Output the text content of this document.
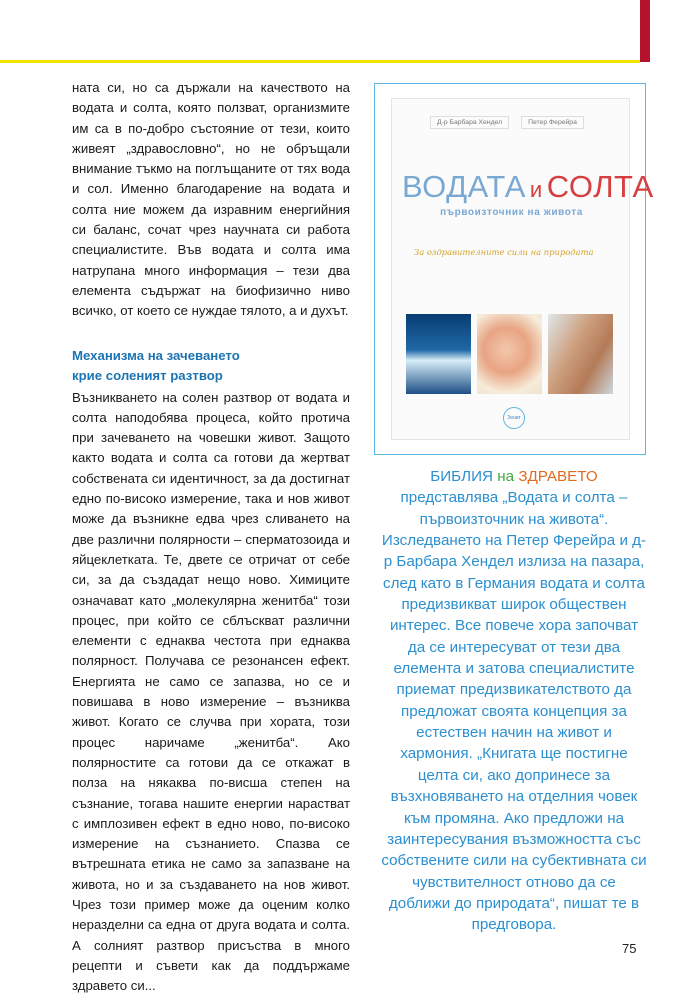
ната си, но са държали на качеството на водата и солта, която ползват, организмите им са в по-добро състояние от тези, които живеят „здравословно“, но не обръщали внимание тъкмо на поглъщаните от тях вода и сол. Именно благодарение на водата и солта ние можем да изравним енергийния си баланс, сочат чрез научната си работа специалистите. Във водата и солта има натрупана много информация – тези два елемента съдържат на биофизично ниво всичко, от което се нуждае тялото, а и духът.

Механизма на зачеването
крие соленият разтвор

Възникването на солен разтвор от водата и солта наподобява процеса, който протича при зачеването на човешки живот. Защото както водата и солта са готови да жертват собствената си идентичност, за да достигнат едно по-високо измерение, така и нов живот може да възникне едва чрез сливането на две различни полярности – сперматозоида и яйцеклетката. Те, двете се отричат от себе си, за да създадат нещо ново. Химиците означават като „молекулярна женитба“ този процес, при който се сблъскват различни елементи с еднаква честота при еднаква полярност. Получава се резонансен ефект. Енергията не само се запазва, но се и повишава в ново измерение – възниква живот. Когато се случва при хората, този процес наричаме „женитба“. Ако полярностите са готови да се откажат в полза на някаква по-висша степен на съзнание, тогава нашите енергии нарастват с имплозивен ефект в едно ново, по-високо измерение на съзнанието. Спазва се вътрешната етика не само за запазване на живота, но и за създаването на нов живот. Чрез този пример може да оценим колко неразделни са една от друга водата и солта. А солният разтвор присъства в много рецепти и съвети как да поддържаме здравето си...

Д-р Барбара Хендел	Петер Ферейра
ВОДАТА и СОЛТА
първоизточник на живота
За оздравителните сили на природата
Зенит

БИБЛИЯ на ЗДРАВЕТО представлява „Водата и солта – първоизточник на живота“. Изследването на Петер Ферейра и д-р Барбара Хендел излиза на пазара, след като в Германия водата и солта предизвикват широк обществен интерес. Все повече хора започват да се интересуват от тези два елемента и затова специалистите приемат предизвикателството да предложат своята концепция за естествен начин на живот и хармония. „Книгата ще постигне целта си, ако допринесе за възхновяването на отделния човек към промяна. Ако предложи на заинтересувания възможността със собствените сили на субективната си чувствителност отново да се доближи до природата“, пишат те в предговора.

75
